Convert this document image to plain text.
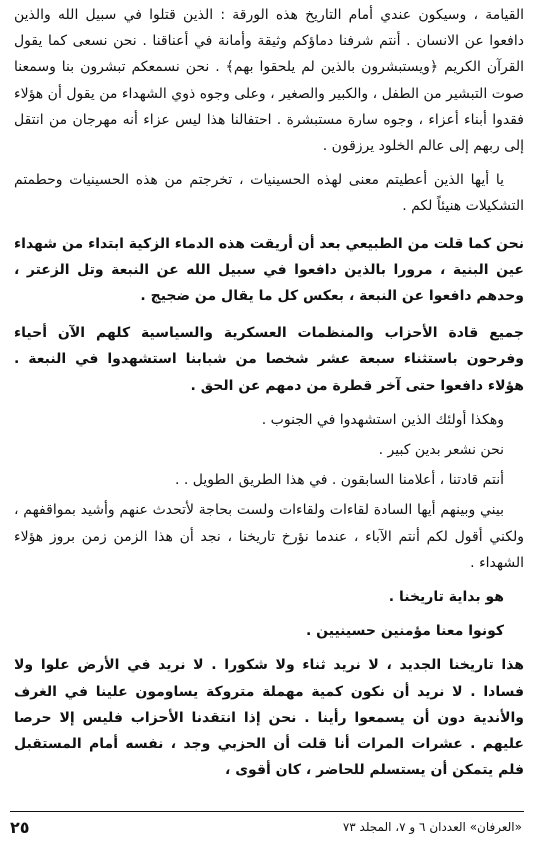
القيامة ، وسيكون عندي أمام التاريخ هذه الورقة : الذين قتلوا في سبيل الله والذين دافعوا عن الانسان . أنتم شرفنا دماؤكم وثيقة وأمانة في أعناقنا . نحن نسعى كما يقول القرآن الكريم ﴿ويستبشرون بالذين لم يلحقوا بهم﴾ . نحن نسمعكم تبشرون بنا وسمعنا صوت التبشير من الطفل ، والكبير والصغير ، وعلى وجوه ذوي الشهداء من يقول أن هؤلاء فقدوا أبناء أعزاء ، وجوه سارة مستبشرة . احتفالنا هذا ليس عزاء أنه مهرجان من انتقل إلى ربهم إلى عالم الخلود يرزقون .

يا أيها الذين أعطيتم معنى لهذه الحسينيات ، تخرجتم من هذه الحسينيات وحطمتم التشكيلات هنيئاً لكم .

نحن كما قلت من الطبيعي بعد أن أريقت هذه الدماء الزكية ابتداء من شهداء عين البنية ، مرورا بالذين دافعوا في سبيل الله عن النبعة وتل الزعتر ، وحدهم دافعوا عن النبعة ، بعكس كل ما يقال من ضجيج .

جميع قادة الأحزاب والمنظمات العسكرية والسياسية كلهم الآن أحياء وفرحون باستثناء سبعة عشر شخصا من شبابنا استشهدوا في النبعة . هؤلاء دافعوا حتى آخر قطرة من دمهم عن الحق .

وهكذا أولئك الذين استشهدوا في الجنوب .

نحن نشعر بدين كبير .

أنتم قادتنا ، أعلامنا السابقون . في هذا الطريق الطويل . .

بيني وبينهم أيها السادة لقاءات ولقاءات ولست بحاجة لأتحدث عنهم وأشيد بمواقفهم ، ولكني أقول لكم أنتم الآباء ، عندما نؤرخ تاريخنا ، نجد أن هذا الزمن زمن بروز هؤلاء الشهداء .

هو بداية تاريخنا .

كونوا معنا مؤمنين حسينيين .

هذا تاريخنا الجديد ، لا نريد ثناء ولا شكورا . لا نريد في الأرض علوا ولا فسادا . لا نريد أن نكون كمية مهملة متروكة يساومون علينا في الغرف والأندية دون أن يسمعوا رأينا . نحن إذا انتقدنا الأحزاب فليس إلا حرصا عليهم . عشرات المرات أنا قلت أن الحزبي وجد ، نفسه أمام المستقبل فلم يتمكن أن يستسلم للحاضر ، كان أقوى ،

٢٥	«العرفان» العددان ٦ و ٧، المجلد ٧٣
